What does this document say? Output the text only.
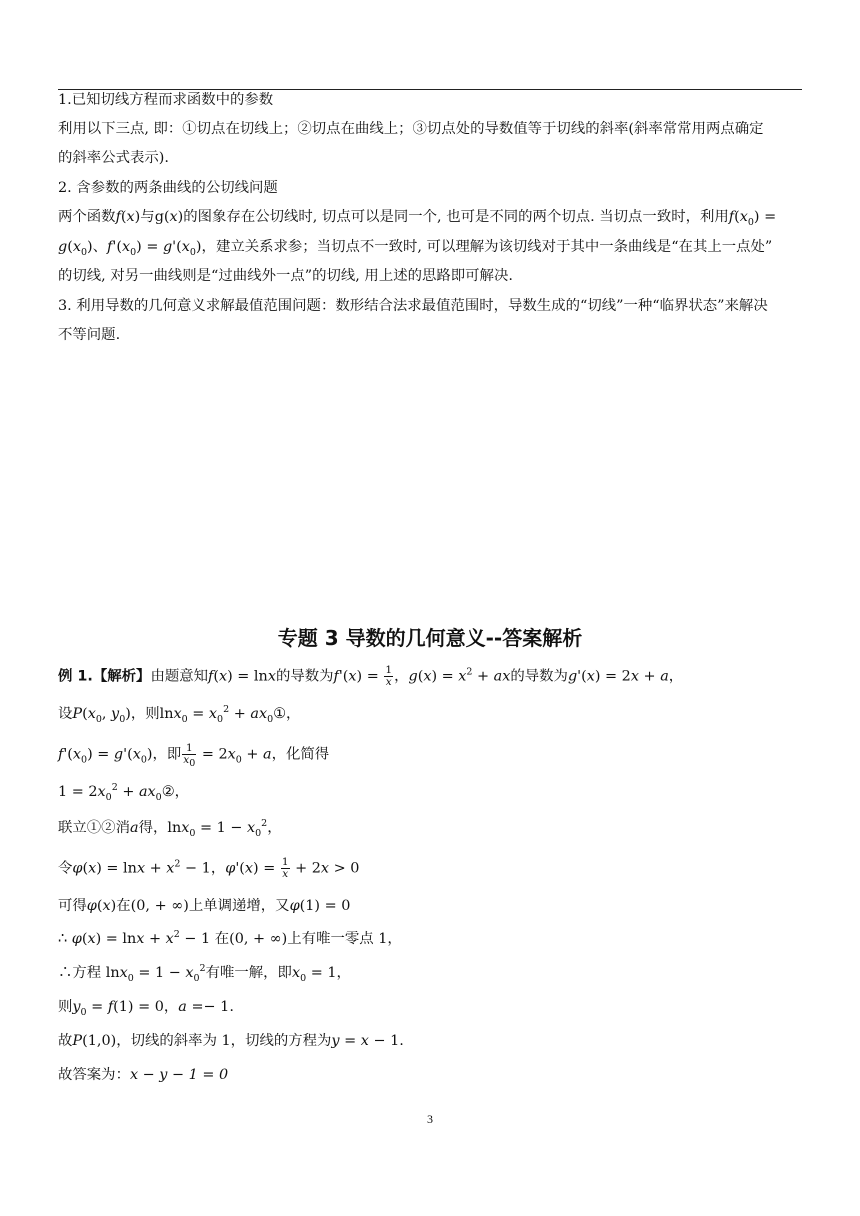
1.已知切线方程而求函数中的参数
利用以下三点, 即：①切点在切线上；②切点在曲线上；③切点处的导数值等于切线的斜率(斜率常常用两点确定
的斜率公式表示).
2. 含参数的两条曲线的公切线问题
两个函数f(x)与g(x)的图象存在公切线时, 切点可以是同一个, 也可是不同的两个切点. 当切点一致时，利用$f(x_0)$ =
$g(x_0)$、$f'(x_0) = g'(x_0)$，建立关系求参；当切点不一致时, 可以理解为该切线对于其中一条曲线是“在其上一点处”
的切线, 对另一曲线则是“过曲线外一点”的切线, 用上述的思路即可解决.
3. 利用导数的几何意义求解最值范围问题：数形结合法求最值范围时，导数生成的“切线”一种“临界状态”来解决
不等问题.
专题 3 导数的几何意义--答案解析
例 1.【解析】由题意知f(x) = lnx的导数为$f'(x) = \frac{1}{x}$ ，$g(x) = x^2$ + ax的导数为g'(x) = 2x + a，
设$P(x_0$, $y_0$)，则$\ln x_0 = x_0^2$ + $ax_0①$，
$f'(x_0) = g'(x_0)$，即 $\frac{1}{x_0} = 2x_0 + a$，化简得
$1 = 2x_0^2$ + $ax_0②$，
联立①②消a得，$\ln x_0 = 1 - x_0^2$，
令$\varphi(x) = \ln x + x^2 - 1$，$\varphi'(x) = \frac{1}{x} + 2x > 0$
可得φ(x)在(0, + ∞)上单调递增，又φ(1) = 0
∴ $\varphi(x) = \ln x + x^2 - 1$ 在(0, + ∞)上有唯一零点 1，
∴方程 $\ln x_0 = 1 - x_0^2$有唯一解，即$x_0 = 1$，
则$y_0 = f(1) = 0$，a =− 1.
故P(1,0)，切线的斜率为 1，切线的方程为y = x − 1.
故答案为：x − y − 1 = 0
3
